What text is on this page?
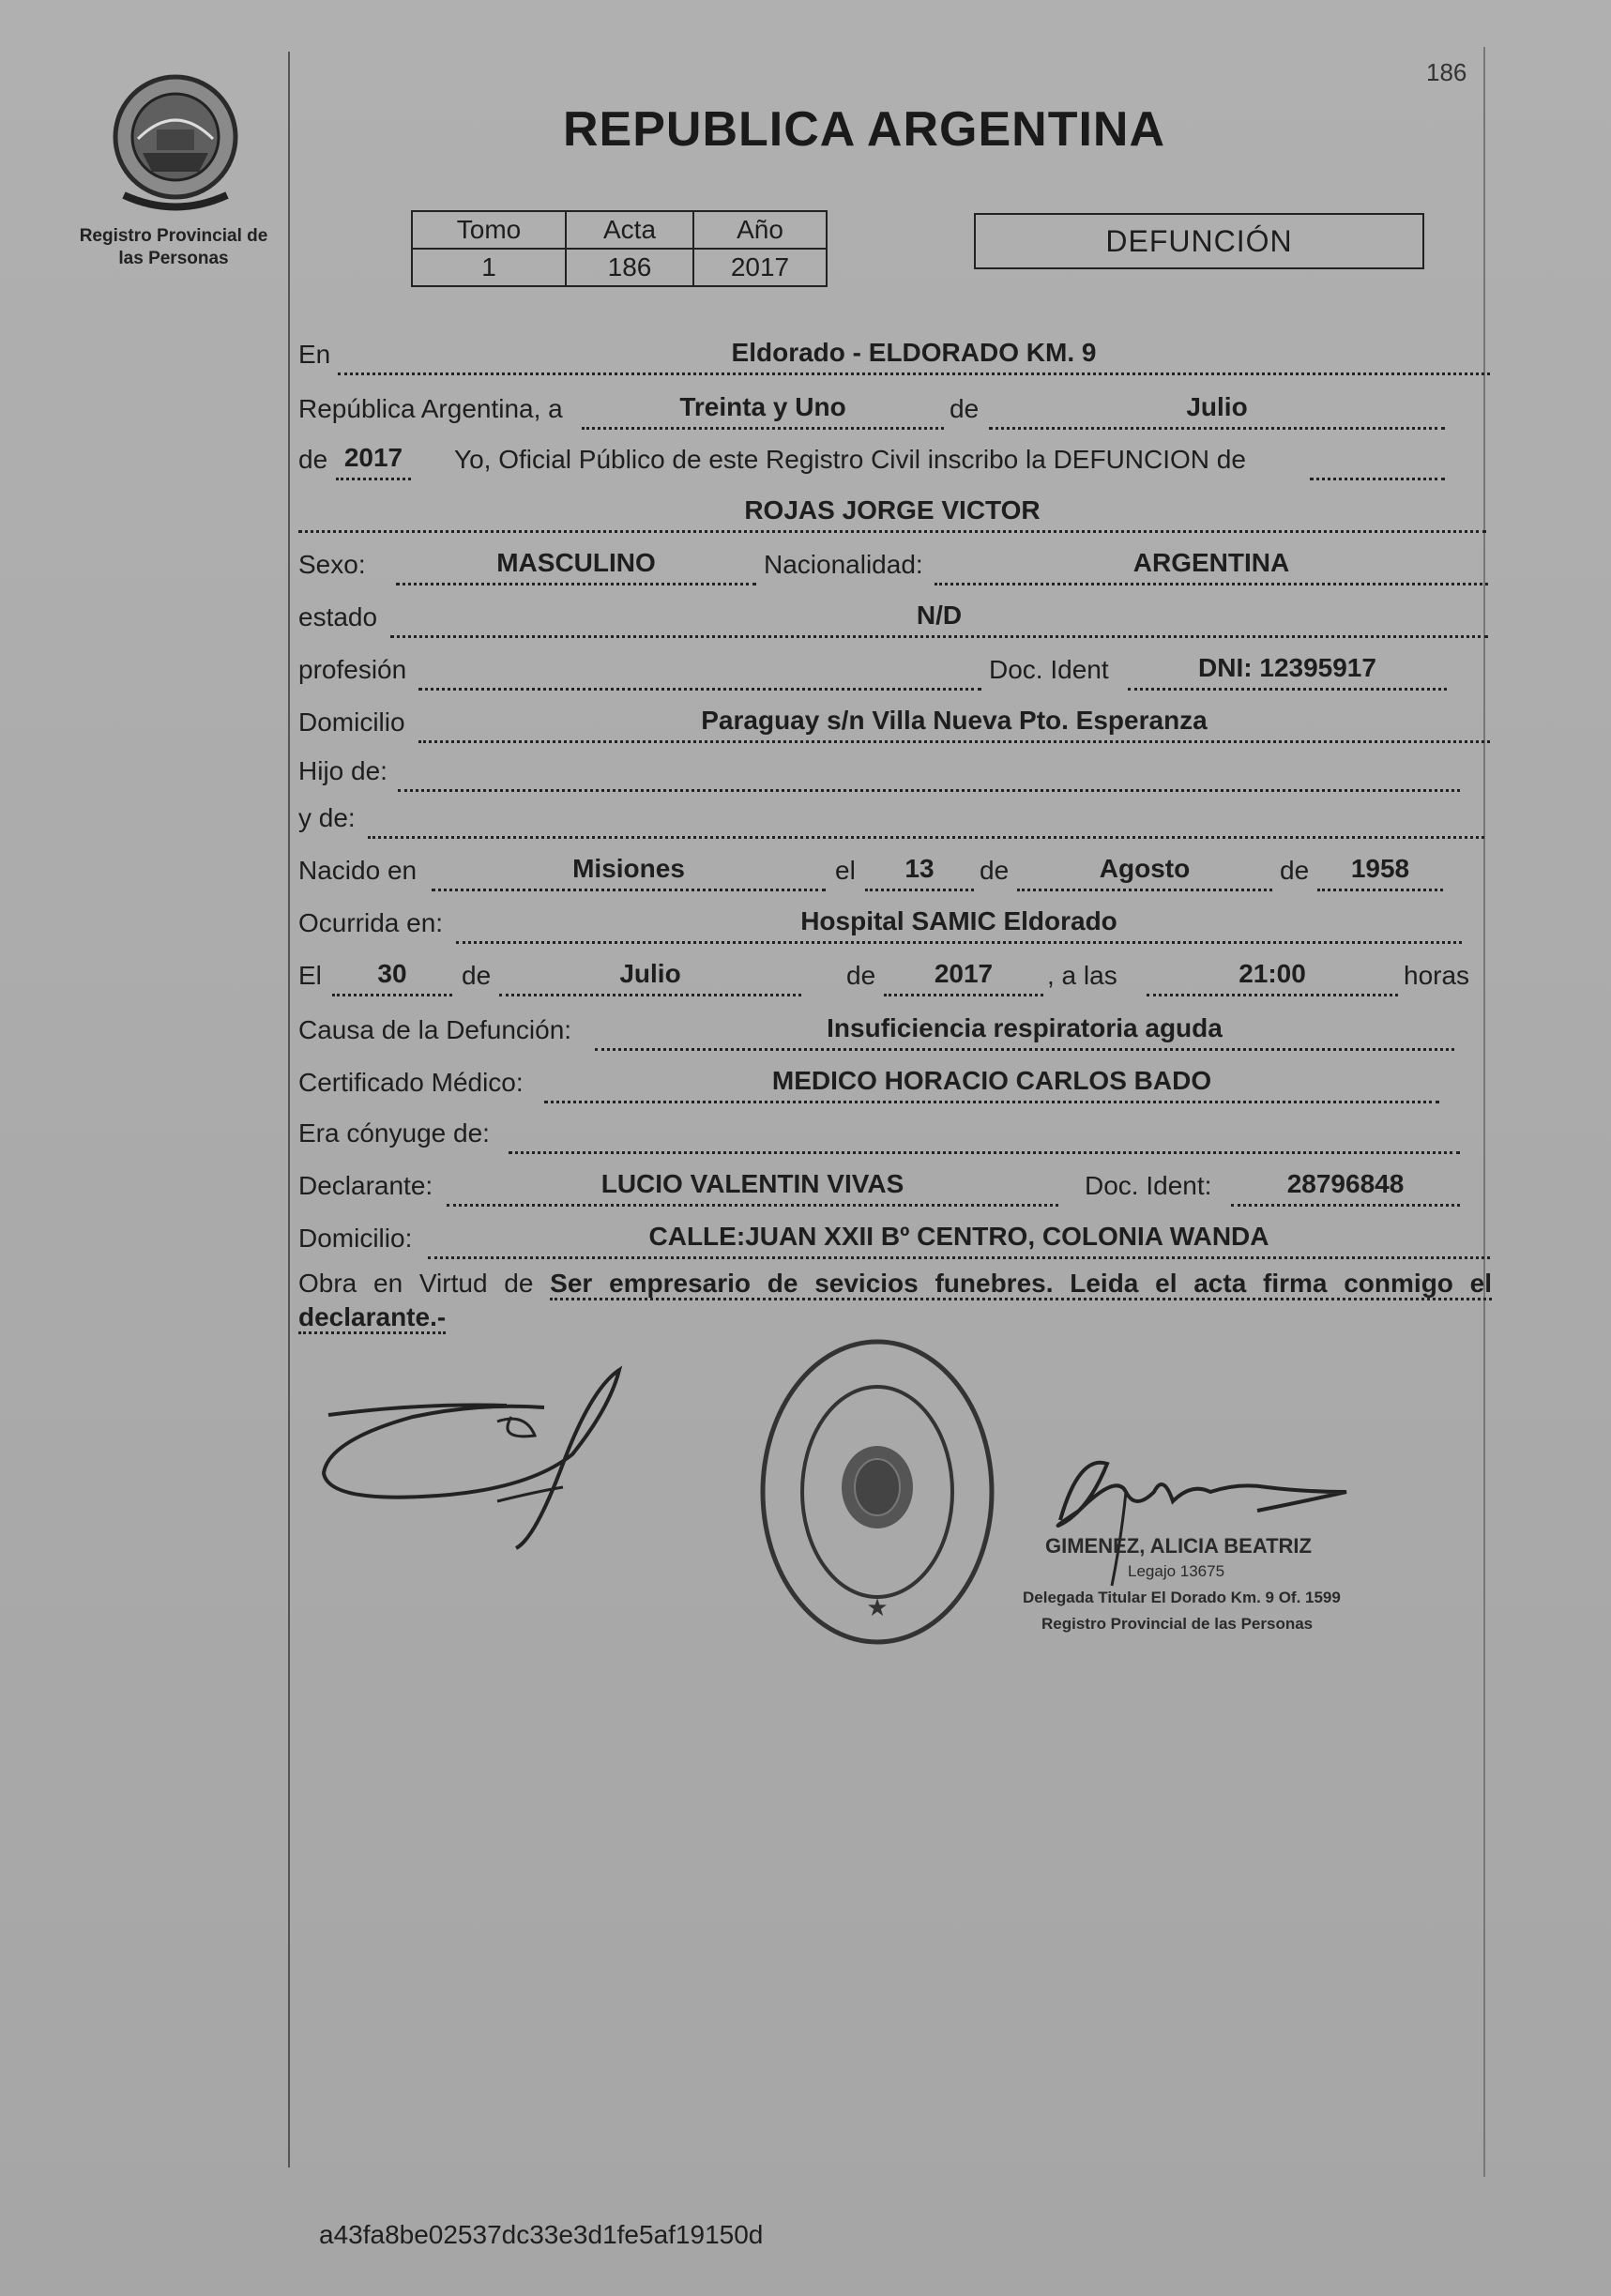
186
Registro Provincial de las Personas
REPUBLICA ARGENTINA
Tomo	Acta	Año
1	186	2017
DEFUNCIÓN
En	Eldorado - ELDORADO KM. 9
República Argentina, a	Treinta y Uno	de	Julio
de 2017	Yo, Oficial Público de este Registro Civil inscribo la DEFUNCION de
ROJAS JORGE VICTOR
Sexo:	MASCULINO	Nacionalidad:	ARGENTINA
estado	N/D
profesión	Doc. Ident	DNI: 12395917
Domicilio	Paraguay s/n Villa Nueva Pto. Esperanza
Hijo de:
y de:
Nacido en	Misiones	el	13	de	Agosto	de	1958
Ocurrida en:	Hospital SAMIC Eldorado
El	30	de	Julio	de	2017	, a las	21:00	horas
Causa de la Defunción:	Insuficiencia respiratoria aguda
Certificado Médico:	MEDICO HORACIO CARLOS BADO
Era cónyuge de:
Declarante:	LUCIO VALENTIN VIVAS	Doc. Ident:	28796848
Domicilio:	CALLE:JUAN XXII Bº CENTRO, COLONIA WANDA
Obra en Virtud de Ser empresario de sevicios funebres. Leida el acta firma conmigo el declarante.-
★
GIMENEZ, ALICIA BEATRIZ
Legajo 13675
Delegada Titular El Dorado Km. 9 Of. 1599
Registro Provincial de las Personas
a43fa8be02537dc33e3d1fe5af19150d
